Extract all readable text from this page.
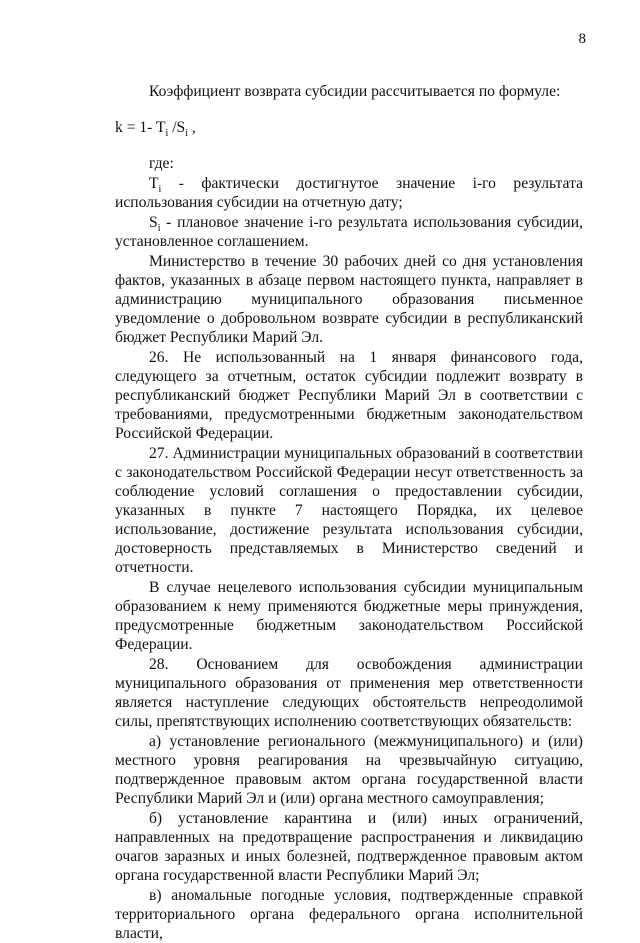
8

Коэффициент возврата субсидии рассчитывается по формуле:

k = 1- $T_i$ $/S_i$ ,

где:

$T_i$ - фактически достигнутое значение i-го результата использования субсидии на отчетную дату;

$S_i$ - плановое значение i-го результата использования субсидии, установленное соглашением.

Министерство в течение 30 рабочих дней со дня установления фактов, указанных в абзаце первом настоящего пункта, направляет в администрацию муниципального образования письменное уведомление о добровольном возврате субсидии в республиканский бюджет Республики Марий Эл.

26. Не использованный на 1 января финансового года, следующего за отчетным, остаток субсидии подлежит возврату в республиканский бюджет Республики Марий Эл в соответствии с требованиями, предусмотренными бюджетным законодательством Российской Федерации.

27. Администрации муниципальных образований в соответствии с законодательством Российской Федерации несут ответственность за соблюдение условий соглашения о предоставлении субсидии, указанных в пункте 7 настоящего Порядка, их целевое использование, достижение результата использования субсидии, достоверность представляемых в Министерство сведений и отчетности.

В случае нецелевого использования субсидии муниципальным образованием к нему применяются бюджетные меры принуждения, предусмотренные бюджетным законодательством Российской Федерации.

28. Основанием для освобождения администрации муниципального образования от применения мер ответственности является наступление следующих обстоятельств непреодолимой силы, препятствующих исполнению соответствующих обязательств:

а) установление регионального (межмуниципального) и (или) местного уровня реагирования на чрезвычайную ситуацию, подтвержденное правовым актом органа государственной власти Республики Марий Эл и (или) органа местного самоуправления;

б) установление карантина и (или) иных ограничений, направленных на предотвращение распространения и ликвидацию очагов заразных и иных болезней, подтвержденное правовым актом органа государственной власти Республики Марий Эл;

в) аномальные погодные условия, подтвержденные справкой территориального органа федерального органа исполнительной власти,
